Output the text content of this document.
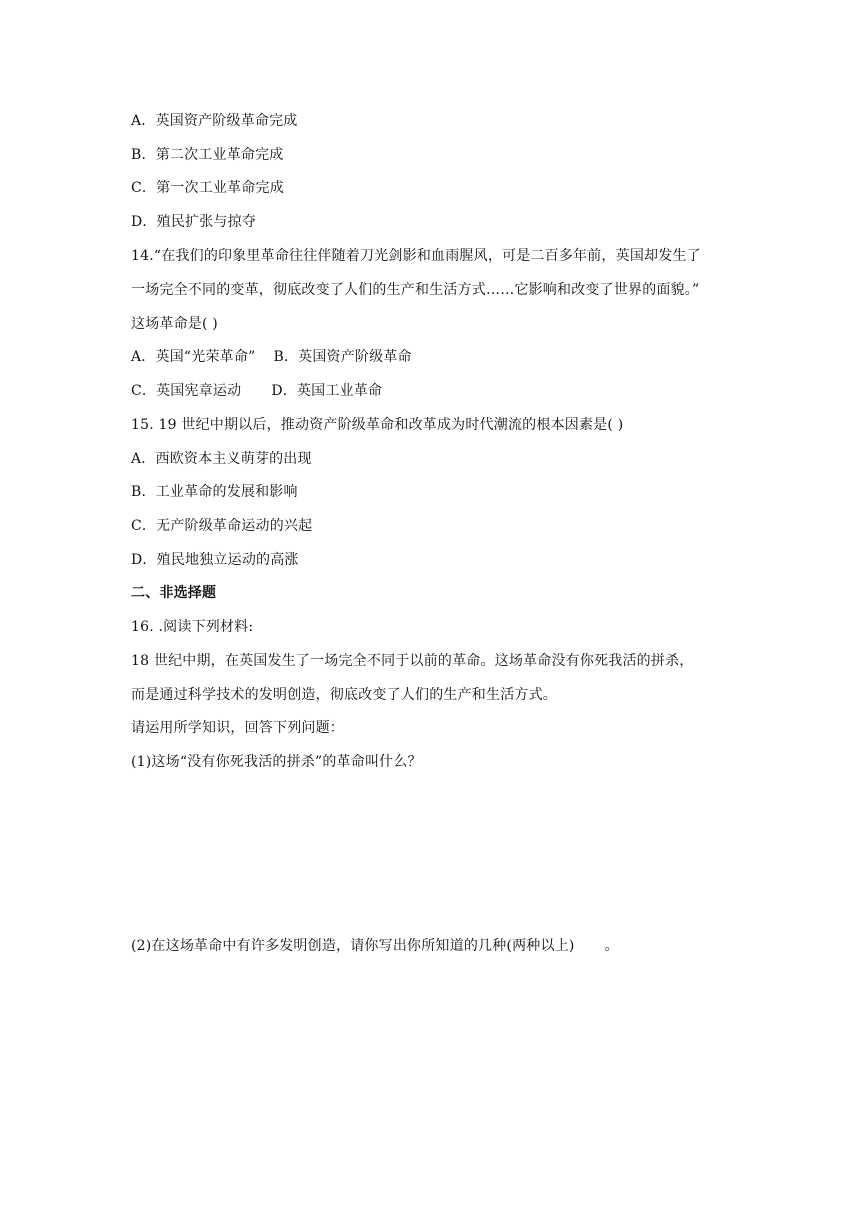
A．英国资产阶级革命完成
B．第二次工业革命完成
C．第一次工业革命完成
D．殖民扩张与掠夺
14.“在我们的印象里革命往往伴随着刀光剑影和血雨腥风，可是二百多年前，英国却发生了
一场完全不同的变革，彻底改变了人们的生产和生活方式……它影响和改变了世界的面貌。”
这场革命是( )
A．英国“光荣革命” B．英国资产阶级革命
C．英国宪章运动 D．英国工业革命
15. 19 世纪中期以后，推动资产阶级革命和改革成为时代潮流的根本因素是( )
A．西欧资本主义萌芽的出现
B．工业革命的发展和影响
C．无产阶级革命运动的兴起
D．殖民地独立运动的高涨
二、非选择题
16. .阅读下列材料:
18 世纪中期，在英国发生了一场完全不同于以前的革命。这场革命没有你死我活的拼杀，
而是通过科学技术的发明创造，彻底改变了人们的生产和生活方式。
请运用所学知识，回答下列问题：
(1)这场“没有你死我活的拼杀”的革命叫什么？
(2)在这场革命中有许多发明创造，请你写出你所知道的几种(两种以上) 。
